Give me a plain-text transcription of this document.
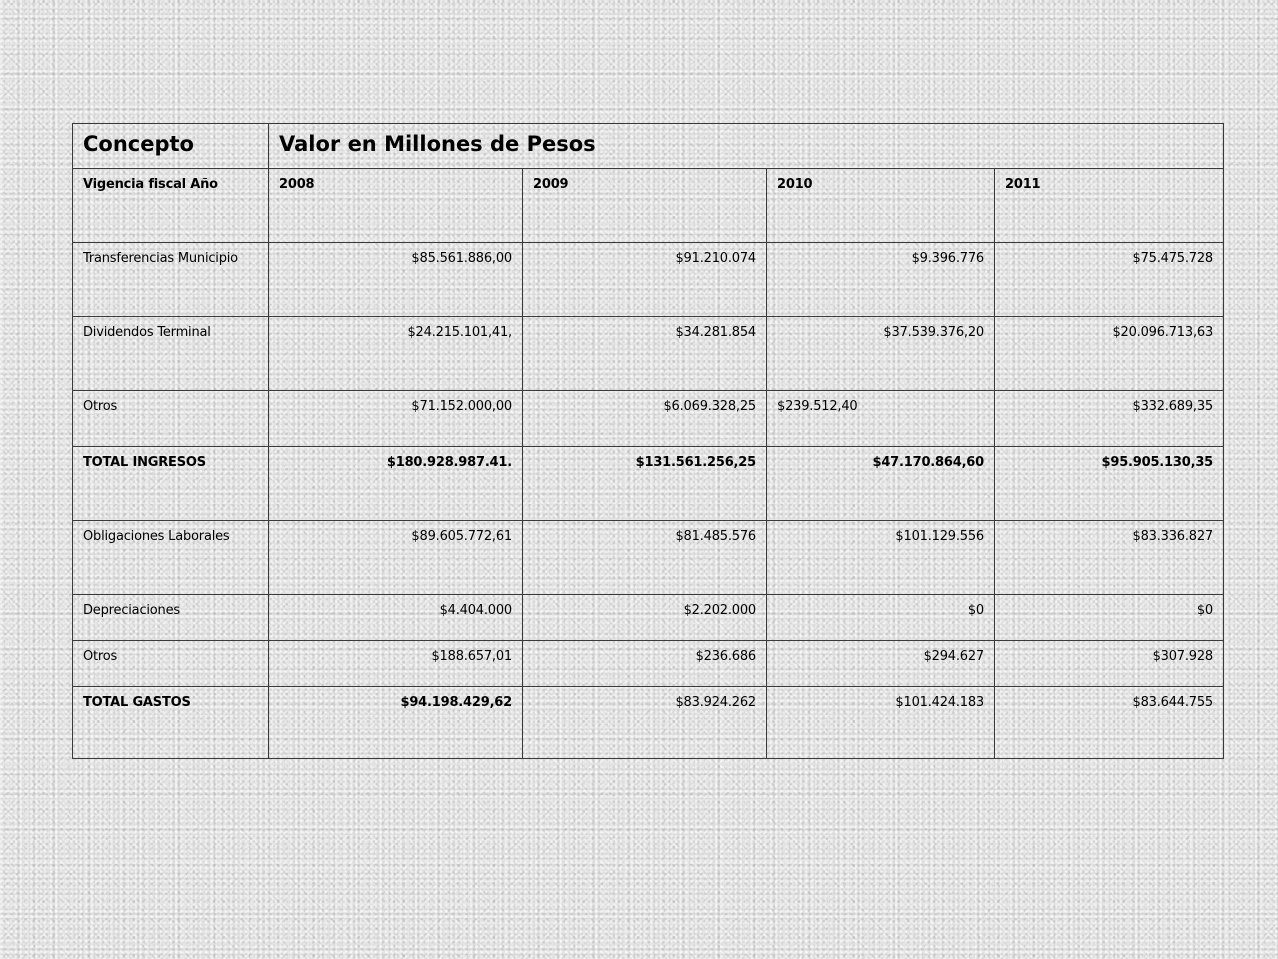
Concepto	Valor en Millones de Pesos			
Vigencia fiscal Año	2008	2009	2010	2011
Transferencias Municipio	$85.561.886,00	$91.210.074	$9.396.776	$75.475.728
Dividendos Terminal	$24.215.101,41,	$34.281.854	$37.539.376,20	$20.096.713,63
Otros	$71.152.000,00	$6.069.328,25	$239.512,40	$332.689,35
TOTAL INGRESOS	$180.928.987.41.	$131.561.256,25	$47.170.864,60	$95.905.130,35
Obligaciones Laborales	$89.605.772,61	$81.485.576	$101.129.556	$83.336.827
Depreciaciones	$4.404.000	$2.202.000	$0	$0
Otros	$188.657,01	$236.686	$294.627	$307.928
TOTAL GASTOS	$94.198.429,62	$83.924.262	$101.424.183	$83.644.755
